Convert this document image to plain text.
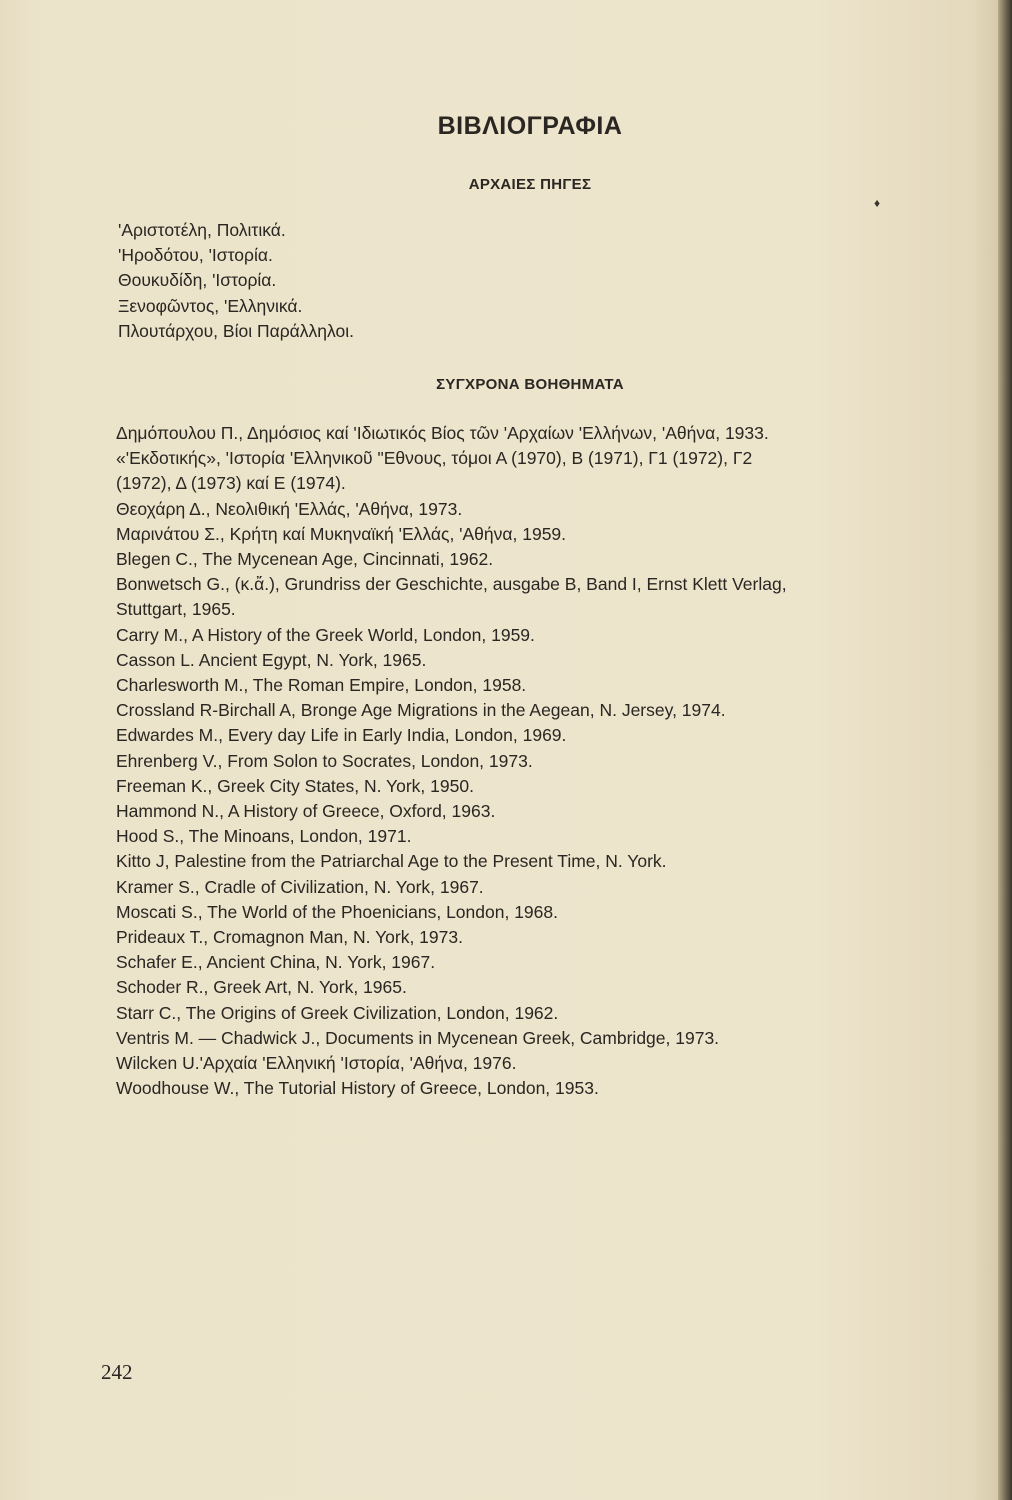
ΒΙΒΛΙΟΓΡΑΦΙΑ
ΑΡΧΑΙΕΣ ΠΗΓΕΣ
♦
'Αριστοτέλη, Πολιτικά.
'Ηροδότου, 'Ιστορία.
Θουκυδίδη, 'Ιστορία.
Ξενοφῶντος, 'Ελληνικά.
Πλουτάρχου, Βίοι Παράλληλοι.
ΣΥΓΧΡΟΝΑ ΒΟΗΘΗΜΑΤΑ
Δημόπουλου Π., Δημόσιος καί 'Ιδιωτικός Βίος τῶν 'Αρχαίων 'Ελλήνων, 'Αθήνα, 1933.
«'Εκδοτικής», 'Ιστορία 'Ελληνικοῦ "Εθνους, τόμοι Α (1970), Β (1971), Γ1 (1972), Γ2
(1972), Δ (1973) καί Ε (1974).
Θεοχάρη Δ., Νεολιθική 'Ελλάς, 'Αθήνα, 1973.
Μαρινάτου Σ., Κρήτη καί Μυκηναϊκή 'Ελλάς, 'Αθήνα, 1959.
Blegen C., The Mycenean Age, Cincinnati, 1962.
Bonwetsch G., (κ.ἄ.), Grundriss der Geschichte, ausgabe B, Band I, Ernst Klett Verlag,
Stuttgart, 1965.
Carry M., A History of the Greek World, London, 1959.
Casson L. Ancient Egypt, N. York, 1965.
Charlesworth M., The Roman Empire, London, 1958.
Crossland R-Birchall A, Bronge Age Migrations in the Aegean, N. Jersey, 1974.
Edwardes M., Every day Life in Early India, London, 1969.
Ehrenberg V., From Solon to Socrates, London, 1973.
Freeman K., Greek City States, N. York, 1950.
Hammond N., A History of Greece, Oxford, 1963.
Hood S., The Minoans, London, 1971.
Kitto J, Palestine from the Patriarchal Age to the Present Time, N. York.
Kramer S., Cradle of Civilization, N. York, 1967.
Moscati S., The World of the Phoenicians, London, 1968.
Prideaux T., Cromagnon Man, N. York, 1973.
Schafer E., Ancient China, N. York, 1967.
Schoder R., Greek Art, N. York, 1965.
Starr C., The Origins of Greek Civilization, London, 1962.
Ventris M. — Chadwick J., Documents in Mycenean Greek, Cambridge, 1973.
Wilcken U.'Αρχαία 'Ελληνική 'Ιστορία, 'Αθήνα, 1976.
Woodhouse W., The Tutorial History of Greece, London, 1953.
242
